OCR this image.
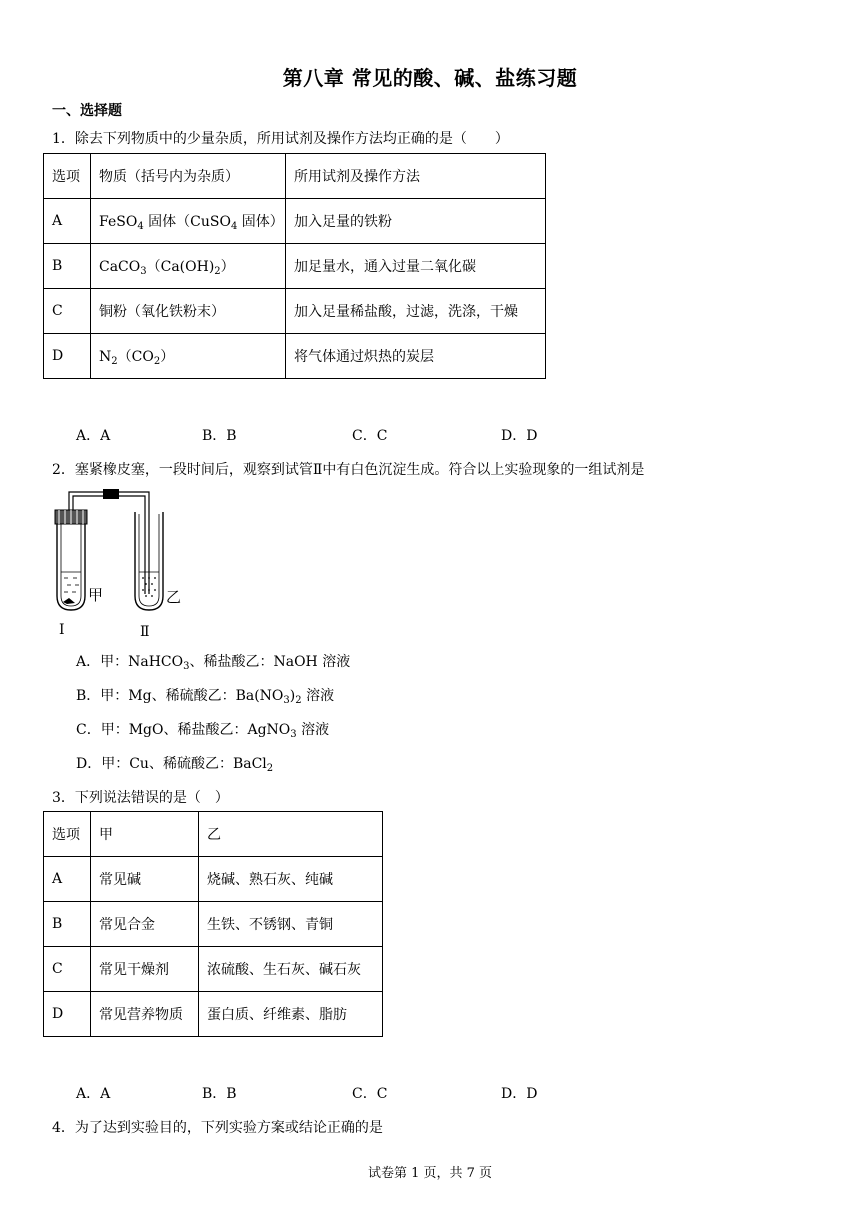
第八章 常见的酸、碱、盐练习题
一、选择题
1．除去下列物质中的少量杂质，所用试剂及操作方法均正确的是（　　）
选项	物质（括号内为杂质）	所用试剂及操作方法
A	FeSO$_4$ 固体（CuSO$_4$ 固体）	加入足量的铁粉
B	$CaCO_3(Ca(OH)_2)$	加足量水，通入过量二氧化碳
C	铜粉（氧化铁粉末）	加入足量稀盐酸，过滤，洗涤，干燥
D	$N_2(CO_2)$	将气体通过炽热的炭层
A．A	B．B	C．C	D．D
2．塞紧橡皮塞，一段时间后，观察到试管Ⅱ中有白色沉淀生成。符合以上实验现象的一组试剂是
甲	乙
Ⅰ	Ⅱ
A．甲：NaHCO$_3$、稀盐酸乙：NaOH 溶液
B．甲：Mg、稀硫酸乙：$Ba(NO_3)_2$ 溶液
C．甲：MgO、稀盐酸乙：AgNO$_3$ 溶液
D．甲：Cu、稀硫酸乙：BaCl$_2$
3．下列说法错误的是（　）
选项	甲	乙
A	常见碱	烧碱、熟石灰、纯碱
B	常见合金	生铁、不锈钢、青铜
C	常见干燥剂	浓硫酸、生石灰、碱石灰
D	常见营养物质	蛋白质、纤维素、脂肪
A．A	B．B	C．C	D．D
4．为了达到实验目的，下列实验方案或结论正确的是
试卷第 1 页，共 7 页
